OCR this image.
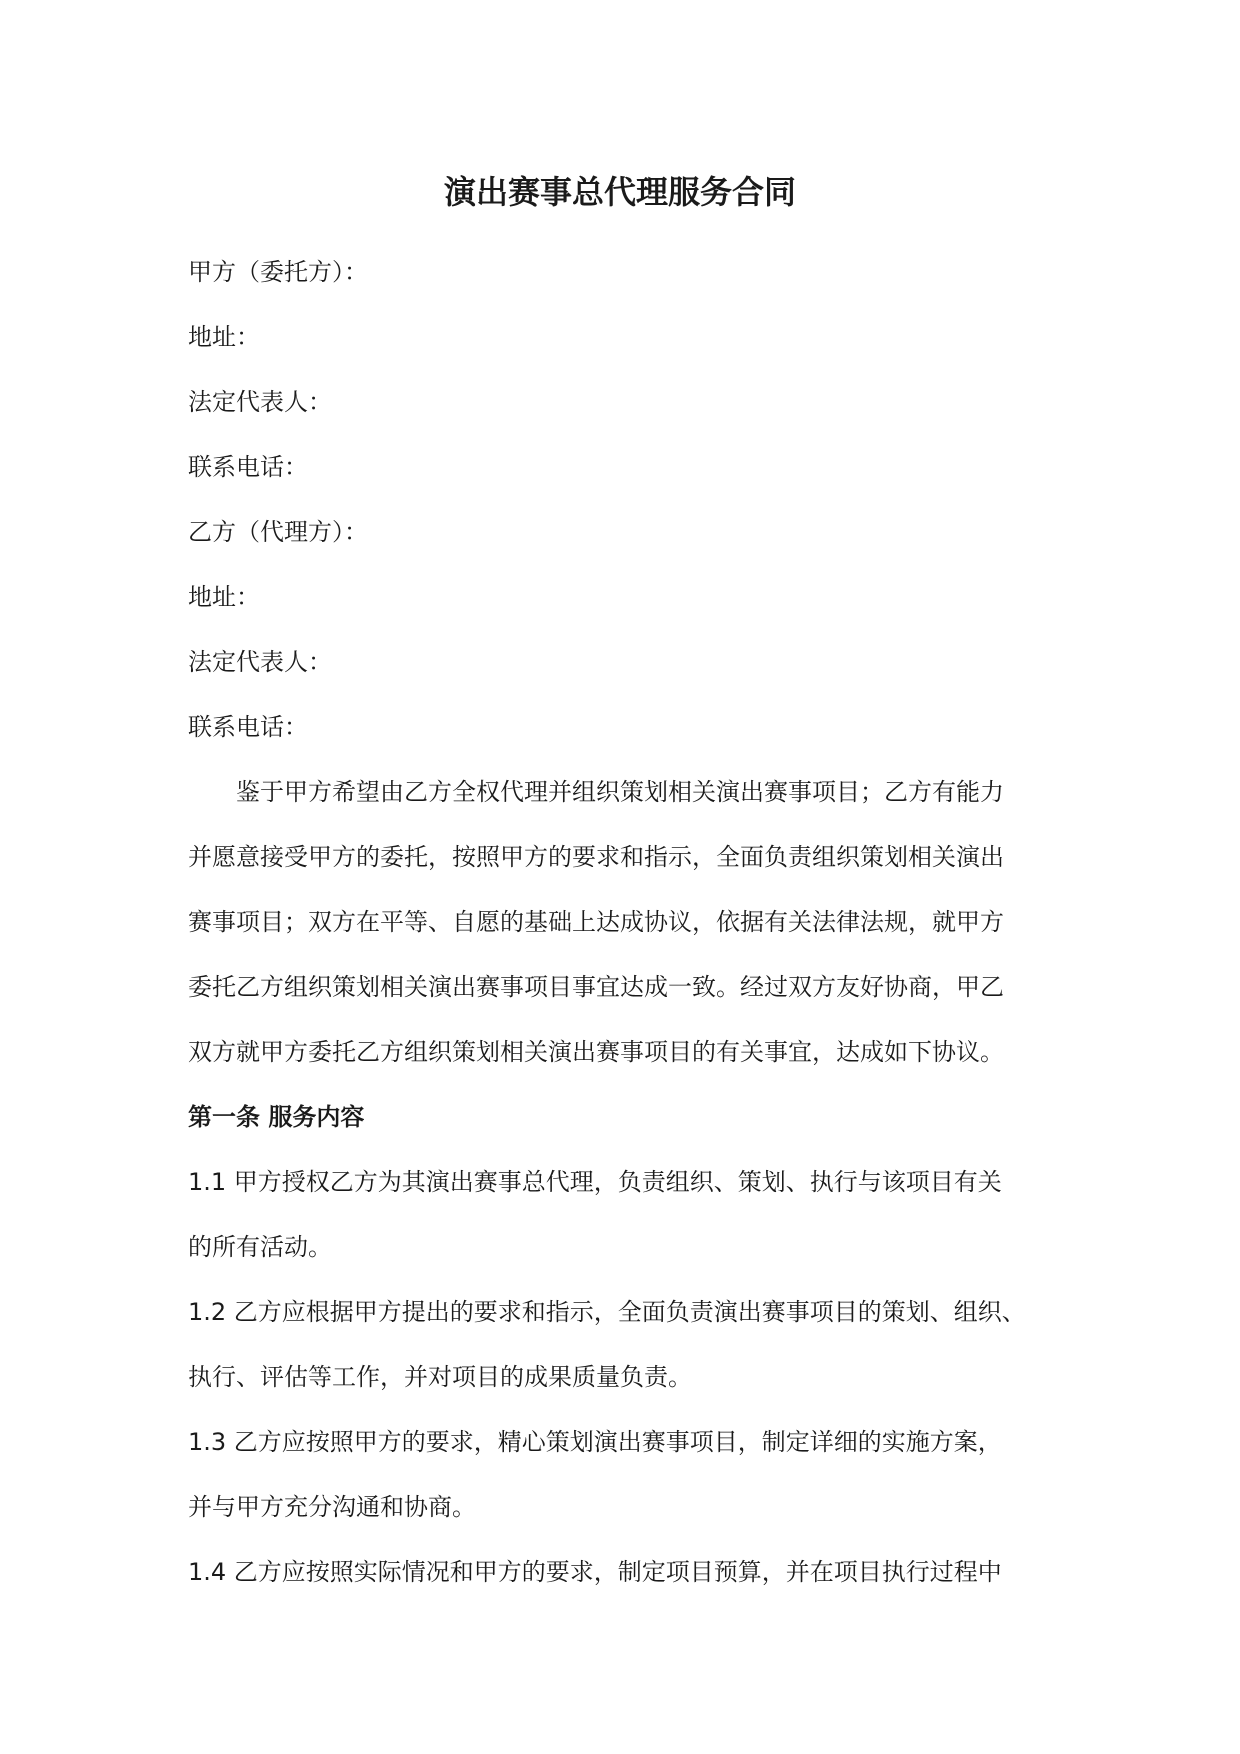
演出赛事总代理服务合同
甲方（委托方）：
地址：
法定代表人：
联系电话：
乙方（代理方）：
地址：
法定代表人：
联系电话：
鉴于甲方希望由乙方全权代理并组织策划相关演出赛事项目；乙方有能力
并愿意接受甲方的委托，按照甲方的要求和指示，全面负责组织策划相关演出
赛事项目；双方在平等、自愿的基础上达成协议，依据有关法律法规，就甲方
委托乙方组织策划相关演出赛事项目事宜达成一致。经过双方友好协商，甲乙
双方就甲方委托乙方组织策划相关演出赛事项目的有关事宜，达成如下协议。
第一条 服务内容
1.1 甲方授权乙方为其演出赛事总代理，负责组织、策划、执行与该项目有关
的所有活动。
1.2 乙方应根据甲方提出的要求和指示，全面负责演出赛事项目的策划、组织、
执行、评估等工作，并对项目的成果质量负责。
1.3 乙方应按照甲方的要求，精心策划演出赛事项目，制定详细的实施方案，
并与甲方充分沟通和协商。
1.4 乙方应按照实际情况和甲方的要求，制定项目预算，并在项目执行过程中
